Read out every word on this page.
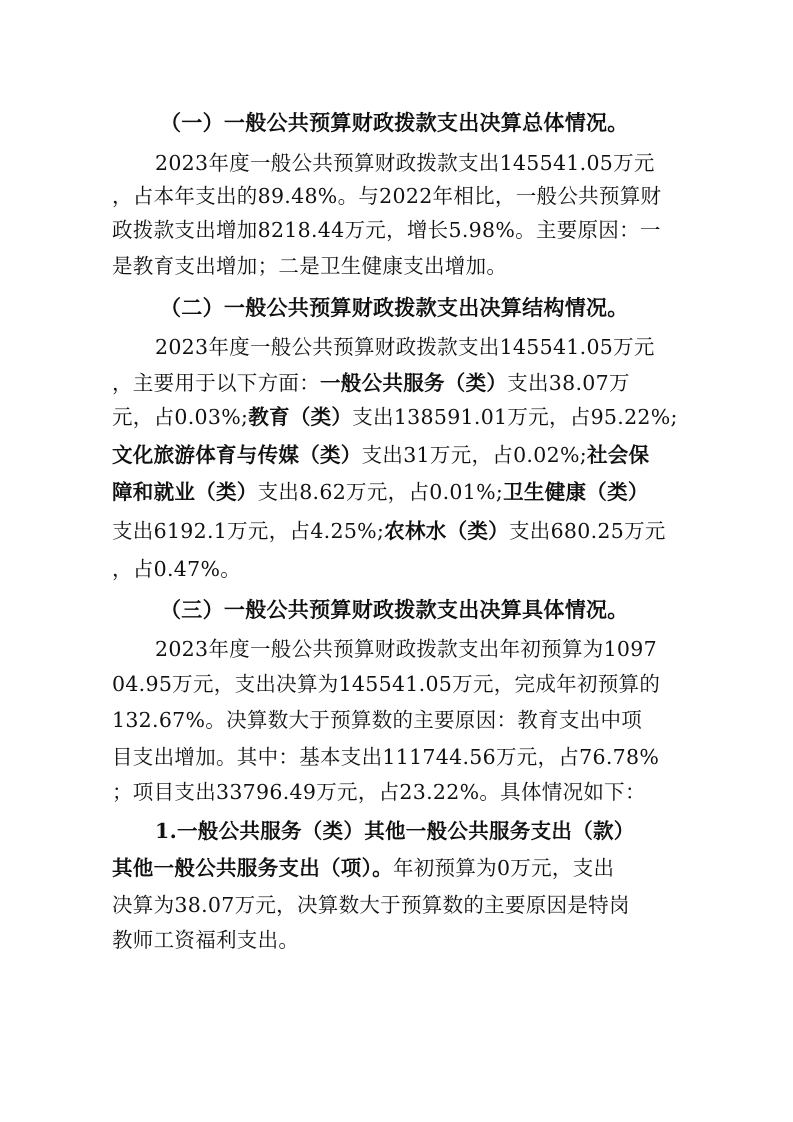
（一）一般公共预算财政拨款支出决算总体情况。
2023年度一般公共预算财政拨款支出145541.05万元
，占本年支出的89.48%。与2022年相比，一般公共预算财
政拨款支出增加8218.44万元，增长5.98%。主要原因：一
是教育支出增加；二是卫生健康支出增加。
（二）一般公共预算财政拨款支出决算结构情况。
2023年度一般公共预算财政拨款支出145541.05万元
，主要用于以下方面：一般公共服务（类）支出38.07万
元，占0.03%;教育（类）支出138591.01万元，占95.22%;
文化旅游体育与传媒（类）支出31万元，占0.02%;社会保
障和就业（类）支出8.62万元，占0.01%;卫生健康（类）
支出6192.1万元，占4.25%;农林水（类）支出680.25万元
，占0.47%。
（三）一般公共预算财政拨款支出决算具体情况。
2023年度一般公共预算财政拨款支出年初预算为1097
04.95万元，支出决算为145541.05万元，完成年初预算的
132.67%。决算数大于预算数的主要原因：教育支出中项
目支出增加。其中：基本支出111744.56万元，占76.78%
；项目支出33796.49万元，占23.22%。具体情况如下：
1.一般公共服务（类）其他一般公共服务支出（款）
其他一般公共服务支出（项）。年初预算为0万元，支出
决算为38.07万元，决算数大于预算数的主要原因是特岗
教师工资福利支出。
